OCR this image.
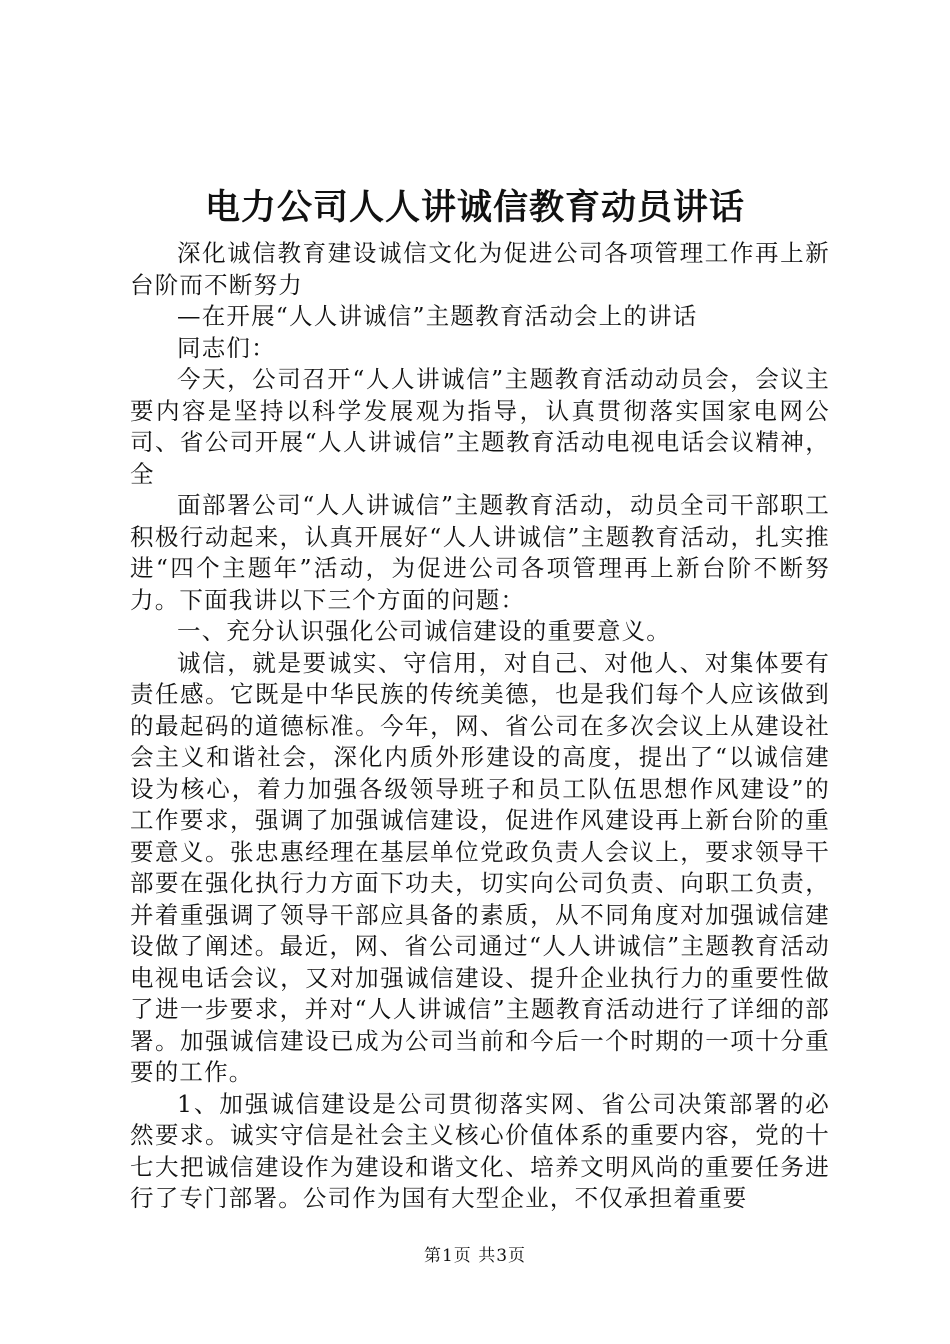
电力公司人人讲诚信教育动员讲话

深化诚信教育建设诚信文化为促进公司各项管理工作再上新台阶而不断努力

—在开展“人人讲诚信”主题教育活动会上的讲话

同志们：

今天，公司召开“人人讲诚信”主题教育活动动员会，会议主要内容是坚持以科学发展观为指导，认真贯彻落实国家电网公司、省公司开展“人人讲诚信”主题教育活动电视电话会议精神，全

面部署公司“人人讲诚信”主题教育活动，动员全司干部职工积极行动起来，认真开展好“人人讲诚信”主题教育活动，扎实推进“四个主题年”活动，为促进公司各项管理再上新台阶不断努力。下面我讲以下三个方面的问题：

一、充分认识强化公司诚信建设的重要意义。

诚信，就是要诚实、守信用，对自己、对他人、对集体要有责任感。它既是中华民族的传统美德，也是我们每个人应该做到的最起码的道德标准。今年，网、省公司在多次会议上从建设社会主义和谐社会，深化内质外形建设的高度，提出了“以诚信建设为核心，着力加强各级领导班子和员工队伍思想作风建设”的工作要求，强调了加强诚信建设，促进作风建设再上新台阶的重要意义。张忠惠经理在基层单位党政负责人会议上，要求领导干部要在强化执行力方面下功夫，切实向公司负责、向职工负责，并着重强调了领导干部应具备的素质，从不同角度对加强诚信建设做了阐述。最近，网、省公司通过“人人讲诚信”主题教育活动电视电话会议，又对加强诚信建设、提升企业执行力的重要性做了进一步要求，并对“人人讲诚信”主题教育活动进行了详细的部署。加强诚信建设已成为公司当前和今后一个时期的一项十分重要的工作。

1、加强诚信建设是公司贯彻落实网、省公司决策部署的必然要求。诚实守信是社会主义核心价值体系的重要内容，党的十七大把诚信建设作为建设和谐文化、培养文明风尚的重要任务进行了专门部署。公司作为国有大型企业，不仅承担着重要

第1页 共3页
